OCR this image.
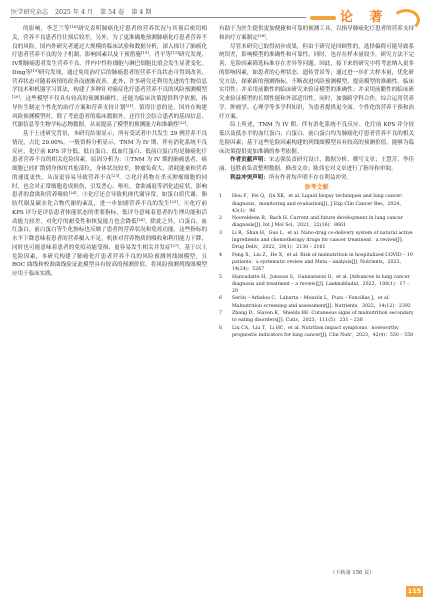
医学研究杂志 2025 年 4 月 第 54 卷 第 4 期	论 著

的影响，李芝兰等[18]研究表明肺癌化疗患者的营养状况与其预后密切相关，营养不良患者往往预后较差。另外，为了更准确地预测肺癌化疗患者营养不良的风险，国内外研究者通过大规模的临床试验和数据分析，深入探讨了肺癌化疗患者营养不良的分子机制，影响因素以及干预措施[19]。肖平等[15]研究发现，IV期肺癌患者发生营养不良、伴内中性粒细胞与淋巴细胞比值会发生显著变化。Ding等[19]研究发现，通过免疫治疗后的肺癌患者的营养不良状态可得到改善，营养状态可随着病情的改善而逐渐改善。此外，许多研究还利用先进的生物信息学技术和机器学习算法，构建了多种针对癌症化疗患者营养不良的风险预测模型[20]。这些模型不仅具有较高的预测准确性，还能为临床决策提供科学依据，指导医生制定个性化的治疗方案和营养支持计划[21]。值得注意的是，国外在构建风险预测模型时，除了考虑患者的临床数据外，还往往会结合患者的基因信息、代谢信息等生物学标志物数据，从而提高了模型的预测能力和准确性[22]。

基于上述研究背景，本研究结果显示，所有受试者中共发生 29 例营养不良情况，占比 29.00%。一般资料分析显示，TNM 为 IV 期、伴有消化系统不良反应、化疗前 KPS 评分低、低白蛋白、低血红蛋白、低前白蛋白均是肺癌化疗患者营养不良的相关危险因素。原因分析为：①TNM 为 IV 期的肺癌患者，癌细胞已经扩散到身体的其他部位，身体状况较差，肿瘤负荷大，消耗能量和营养的速度更快，从而更容易导致营养不良[23]。②化疗药物在杀灭肿瘤细胞的同时，也会对正常细胞造成损伤，引发恶心、呕吐、食欲减退等消化道症状，影响患者的食欲和营养吸收[24]。③化疗还会导致机体代谢异常，如蛋白质代谢、脂肪代谢及碳水化合物代谢的紊乱，进一步加剧营养不良的发生[25]。④化疗前 KPS 评分是评估患者体能状态的重要指标，低评分意味着患者的生理功能和活动能力较差，对化疗的耐受性和恢复能力也会降低[26]。除此之外，白蛋白、血红蛋白、前白蛋白等生化指标也反映了患者的营养状况和免疫功能。这些指标的水平下降意味着患者的营养摄入不足，机体对营养物质的吸收和利用能力下降，同时也可能意味着患者的免疫功能受损，更容易发生相关并发症[27]。基于以上危险因素，本研究构建了肺癌化疗患者营养不良的风险预测列线图模型，且 ROC 曲线和校准曲线验证此模型具有较高的预测价值。将风险预测列线图模型应用于临床实践，

有助于为医生提供更加便捷和可靠的预测工具，以指导肺癌化疗患者的营养支持和治疗方案制定[28]。

尽管本研究已取得初步成果，但由于研究是回顾性的，选择偏倚可能导致系统误差，影响模型的准确性和可靠性。同时，也存在样本量较少，研究方法不完善，危险因素筛选标准存在差异等问题。因此，接下来的研究中将考虑纳入更多的影响因素，如患者的心理状态、遗传背景等，通过进一步扩大样本量，优化研究方法，探索新的预测指标，不断改进风险预测模型，提高模型的准确性、临床实用性；并采用前瞻性的临床研究来验证模型的准确性；并采用前瞻性的临床研究来验证模型的长期性能和外部适用性。同时，加强跨学科合作，综合运用营养学、肿瘤学、心理学等多学科知识，为患者提供更全面、个性化的营养干预和治疗方案。

综上所述，TNM 为 IV 期、伴有消化系统不良反应、化疗前 KPS 评分较低以及低水平的血红蛋白、白蛋白、前白蛋白均为肺癌化疗患者营养不良的相关危险因素；基于这些危险因素构建的列线图模型具有较高的预测价值，能够为临床决策提供更加准确的参考依据。

作者贡献声明：宋志强负责研究设计、数据分析、撰写文章；王慧芳、李佳丽、包胜甫负责整理数据、修改文章；陈伟宏对文章进行了指导和审阅。

利益冲突声明：所有作者均声明不存在利益冲突。

参考文献
1	Hou F，Fei Q，Qu XK，et al. Liquid biopsy techniques and lung cancer：diagnosis，monitoring and evaluation[J]. J Exp Clin Cancer Res，2024，43(1)：96
2	Nooreldeen R，Bach H. Current and future development in lung cancer diagnosis[J]. Int J Mol Sci，2021，22(16)：8661
3	Li R，Shan H，Guo L，et al. Nano‑drug co‑delivery system of natural active ingredients and chemotherapy drugs for cancer treatment：a review[J]. Drug Deliv，2022，29(1)：2130 – 2161
4	Feng X，Liu Z，He X，et al. Risk of malnutrition in hospitalized COVID – 19 patients：a systematic review and Meta – analysis[J]. Nutrients，2022，14(24)：5267
5	Hanvadatte H，Jonsson S，Gunnarsson O，et al. [Advances in lung cancer diagnosis and treatment – a review][J]. Laeknabladid，2022，108(1)：17 – 29
6	Serón – Arbeloa C，Labarta – Monzón L，Puzo – Foncillas J，et al. Malnutrition screening and assessment[J]. Nutrients，2022，14(12)：2392
7	Zhang D，Slaven K，Shields BE. Cutaneous signs of malnutrition secondary to eating disorders[J]. Cutis，2023，111(5)：231 – 238
8	Liu CA，Liu T，Li HC，et al. Nutrition impact symptoms：noteworthy prognostic indicators for lung cancer[J]. Clin Nutr，2023，42(4)：550 – 558
（下转第 156 页）
115
